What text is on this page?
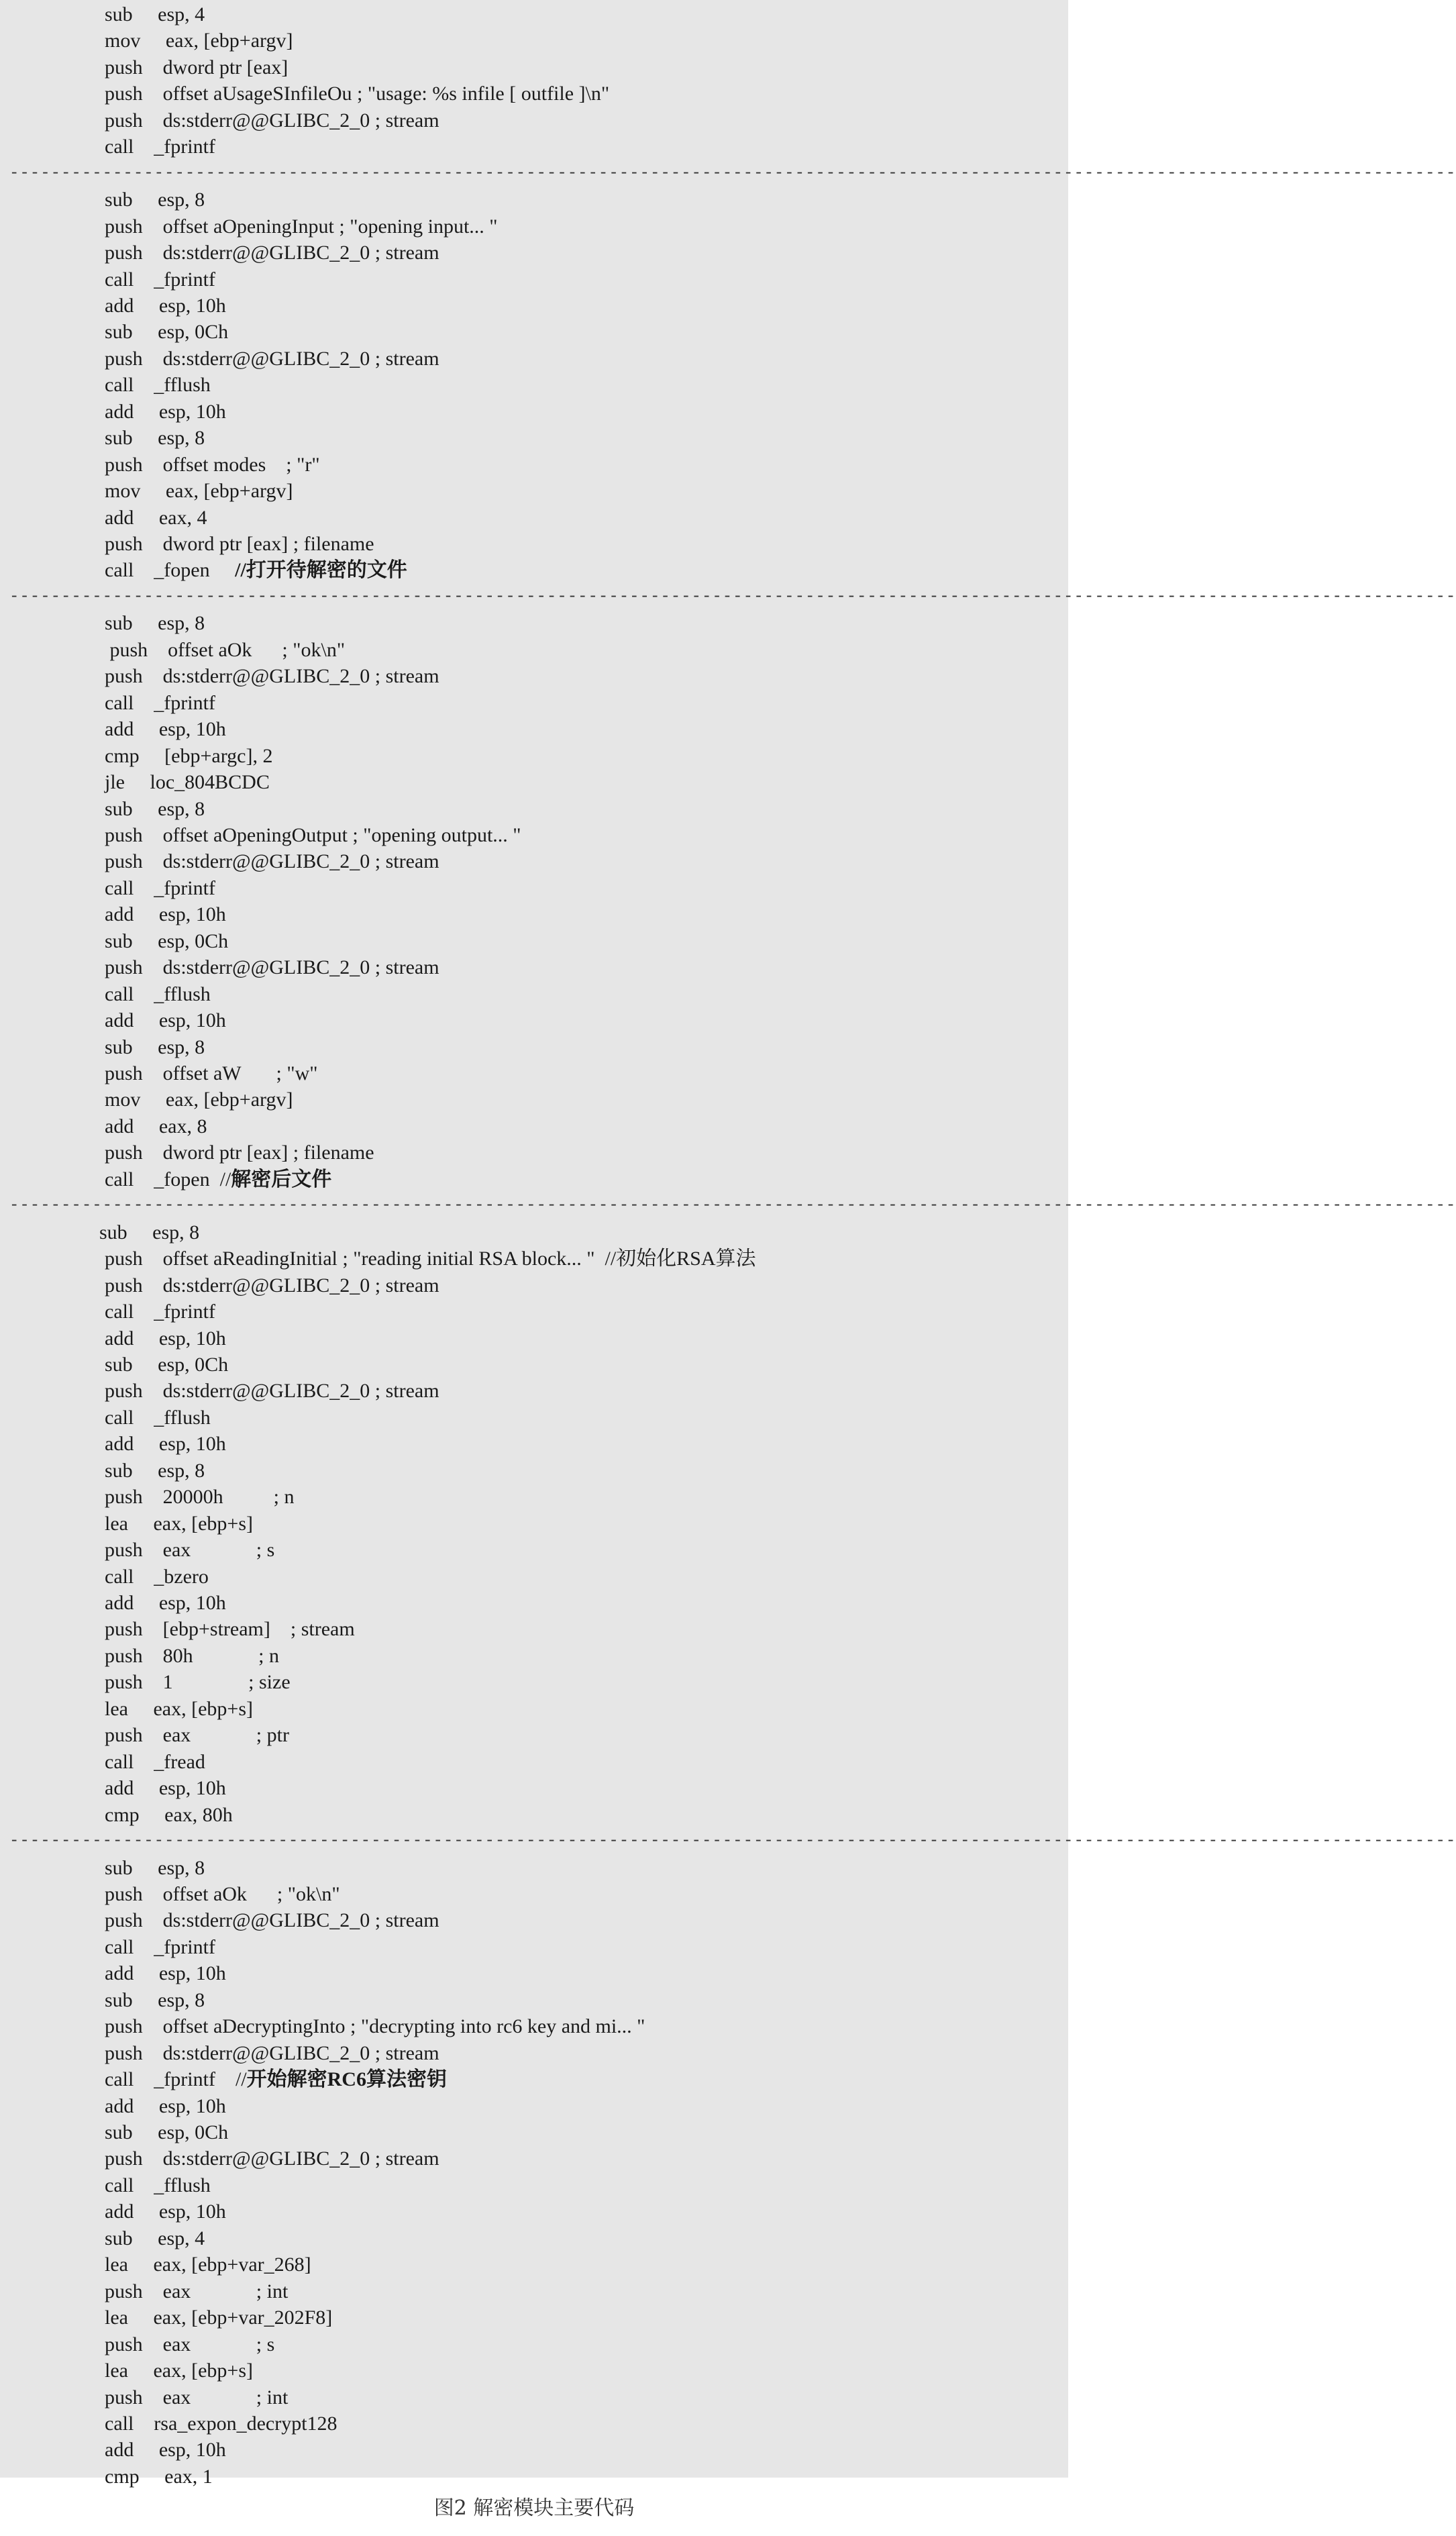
sub     esp, 4
mov     eax, [ebp+argv]
push    dword ptr [eax]
push    offset aUsageSInfileOu ; "usage: %s infile [ outfile ]\n"
push    ds:stderr@@GLIBC_2_0 ; stream
call    _fprintf
--------------------------------------------------------------------------------------------------------------------------------------------
sub     esp, 8
push    offset aOpeningInput ; "opening input... "
push    ds:stderr@@GLIBC_2_0 ; stream
call    _fprintf
add     esp, 10h
sub     esp, 0Ch
push    ds:stderr@@GLIBC_2_0 ; stream
call    _fflush
add     esp, 10h
sub     esp, 8
push    offset modes    ; "r"
mov     eax, [ebp+argv]
add     eax, 4
push    dword ptr [eax] ; filename
call    _fopen     //打开待解密的文件
--------------------------------------------------------------------------------------------------------------------------------------------
sub     esp, 8
push    offset aOk      ; "ok\n"
push    ds:stderr@@GLIBC_2_0 ; stream
call    _fprintf
add     esp, 10h
cmp     [ebp+argc], 2
jle     loc_804BCDC
sub     esp, 8
push    offset aOpeningOutput ; "opening output... "
push    ds:stderr@@GLIBC_2_0 ; stream
call    _fprintf
add     esp, 10h
sub     esp, 0Ch
push    ds:stderr@@GLIBC_2_0 ; stream
call    _fflush
add     esp, 10h
sub     esp, 8
push    offset aW       ; "w"
mov     eax, [ebp+argv]
add     eax, 8
push    dword ptr [eax] ; filename
call    _fopen  //解密后文件
--------------------------------------------------------------------------------------------------------------------------------------------
sub     esp, 8
push    offset aReadingInitial ; "reading initial RSA block... "  //初始化RSA算法
push    ds:stderr@@GLIBC_2_0 ; stream
call    _fprintf
add     esp, 10h
sub     esp, 0Ch
push    ds:stderr@@GLIBC_2_0 ; stream
call    _fflush
add     esp, 10h
sub     esp, 8
push    20000h          ; n
lea     eax, [ebp+s]
push    eax             ; s
call    _bzero
add     esp, 10h
push    [ebp+stream]    ; stream
push    80h             ; n
push    1               ; size
lea     eax, [ebp+s]
push    eax             ; ptr
call    _fread
add     esp, 10h
cmp     eax, 80h
--------------------------------------------------------------------------------------------------------------------------------------------
sub     esp, 8
push    offset aOk      ; "ok\n"
push    ds:stderr@@GLIBC_2_0 ; stream
call    _fprintf
add     esp, 10h
sub     esp, 8
push    offset aDecryptingInto ; "decrypting into rc6 key and mi... "
push    ds:stderr@@GLIBC_2_0 ; stream
call    _fprintf    //开始解密RC6算法密钥
add     esp, 10h
sub     esp, 0Ch
push    ds:stderr@@GLIBC_2_0 ; stream
call    _fflush
add     esp, 10h
sub     esp, 4
lea     eax, [ebp+var_268]
push    eax             ; int
lea     eax, [ebp+var_202F8]
push    eax             ; s
lea     eax, [ebp+s]
push    eax             ; int
call    rsa_expon_decrypt128
add     esp, 10h
cmp     eax, 1
图2 解密模块主要代码
